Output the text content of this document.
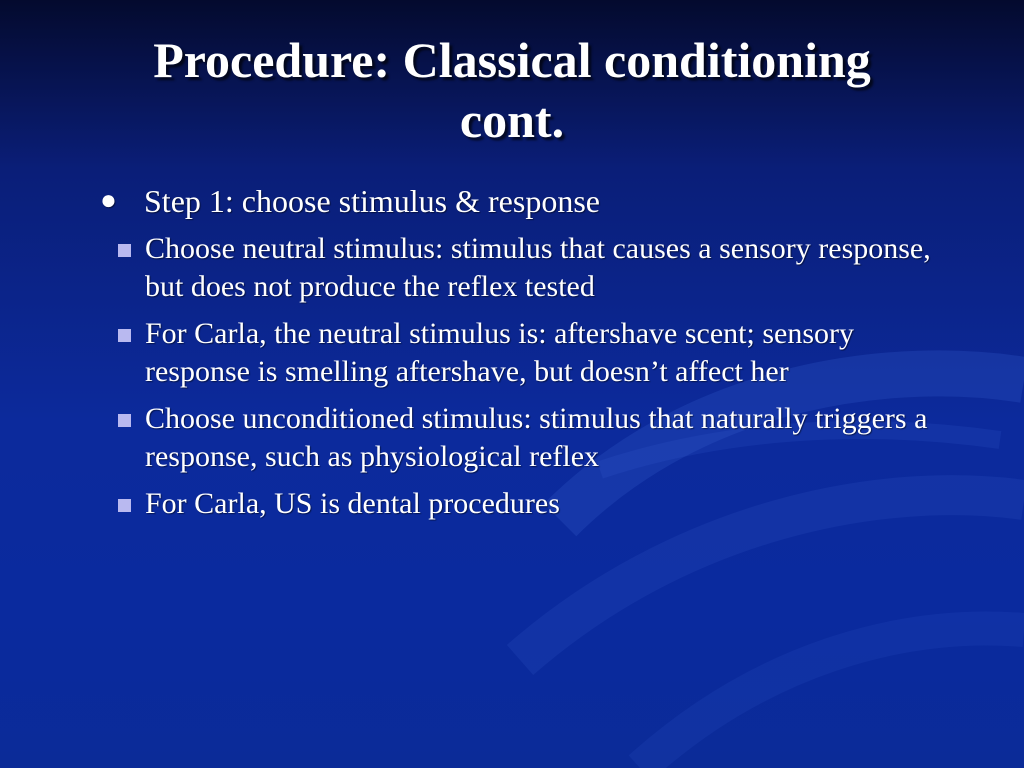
Procedure: Classical conditioning
cont.
● Step 1: choose stimulus & response
Choose neutral stimulus: stimulus that causes a sensory response, but does not produce the reflex tested
For Carla, the neutral stimulus is: aftershave scent; sensory response is smelling aftershave, but doesn’t affect her
Choose unconditioned stimulus: stimulus that naturally triggers a response, such as physiological reflex
For Carla, US is dental procedures
